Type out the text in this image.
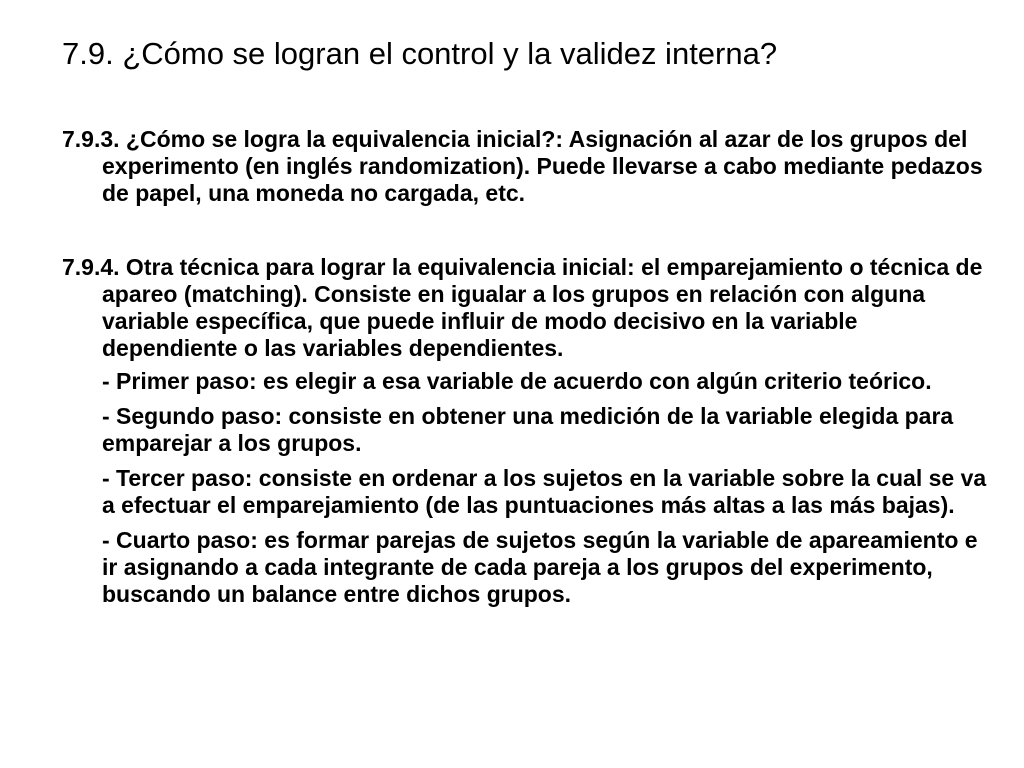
7.9. ¿Cómo se logran el control y la validez interna?

7.9.3. ¿Cómo se logra la equivalencia inicial?: Asignación al azar de los grupos del experimento (en inglés randomization). Puede llevarse a cabo mediante pedazos de papel, una moneda no cargada, etc.

7.9.4. Otra técnica para lograr la equivalencia inicial: el emparejamiento o técnica de apareo (matching). Consiste en igualar a los grupos en relación con alguna variable específica, que puede influir de modo decisivo en la variable dependiente o las variables dependientes.

- Primer paso: es elegir a esa variable de acuerdo con algún criterio teórico.

- Segundo paso: consiste en obtener una medición de la variable elegida para emparejar a los grupos.

- Tercer paso: consiste en ordenar a los sujetos en la variable sobre la cual se va a efectuar el emparejamiento (de las puntuaciones más altas a las más bajas).

- Cuarto paso: es formar parejas de sujetos según la variable de apareamiento e ir asignando a cada integrante de cada pareja a los grupos del experimento, buscando un balance entre dichos grupos.
